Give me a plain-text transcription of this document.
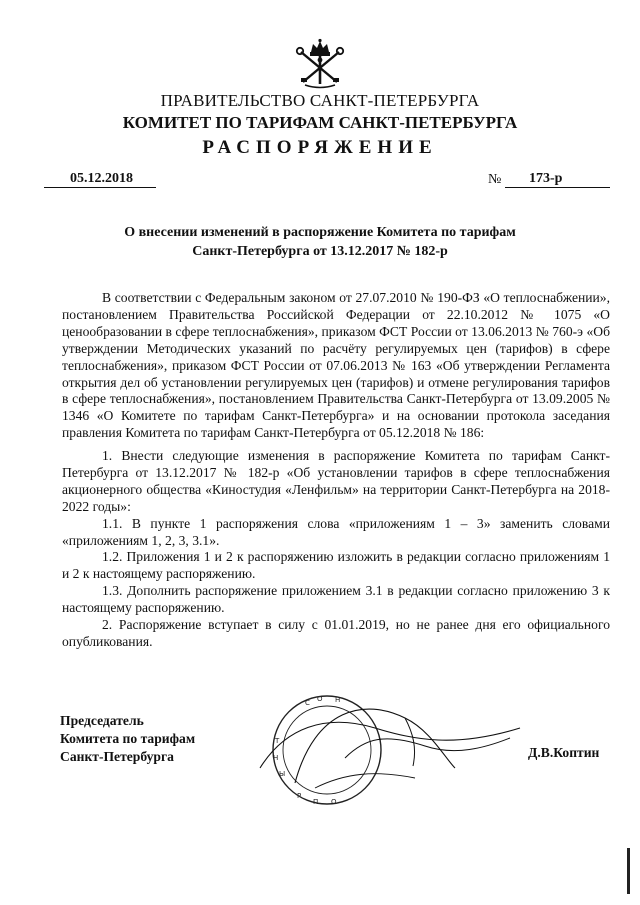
ПРАВИТЕЛЬСТВО САНКТ-ПЕТЕРБУРГА
КОМИТЕТ ПО ТАРИФАМ САНКТ-ПЕТЕРБУРГА
РАСПОРЯЖЕНИЕ
05.12.2018	№	173-р
О внесении изменений в распоряжение Комитета по тарифам
Санкт-Петербурга от 13.12.2017 № 182-р

В соответствии с Федеральным законом от 27.07.2010 № 190-ФЗ «О теплоснабжении», постановлением Правительства Российской Федерации от 22.10.2012 № 1075 «О ценообразовании в сфере теплоснабжения», приказом ФСТ России от 13.06.2013 № 760-э «Об утверждении Методических указаний по расчёту регулируемых цен (тарифов) в сфере теплоснабжения», приказом ФСТ России от 07.06.2013 № 163 «Об утверждении Регламента открытия дел об установлении регулируемых цен (тарифов) и отмене регулирования тарифов в сфере теплоснабжения», постановлением Правительства Санкт-Петербурга от 13.09.2005 № 1346 «О Комитете по тарифам Санкт-Петербурга» и на основании протокола заседания правления Комитета по тарифам Санкт-Петербурга от 05.12.2018 № 186:

1. Внести следующие изменения в распоряжение Комитета по тарифам Санкт-Петербурга от 13.12.2017 № 182-р «Об установлении тарифов в сфере теплоснабжения акционерного общества «Киностудия «Ленфильм» на территории Санкт-Петербурга на 2018-2022 годы»:

1.1. В пункте 1 распоряжения слова «приложениям 1 – 3» заменить словами «приложениям 1, 2, 3, 3.1».

1.2. Приложения 1 и 2 к распоряжению изложить в редакции согласно приложениям 1 и 2 к настоящему распоряжению.

1.3. Дополнить распоряжение приложением 3.1 в редакции согласно приложению 3 к настоящему распоряжению.

2. Распоряжение вступает в силу с 01.01.2019, но не ранее дня его официального опубликования.

Председатель
Комитета по тарифам
Санкт-Петербурга
С О Н
Т
Н
Ы
Р
П О
Д.В.Коптин
